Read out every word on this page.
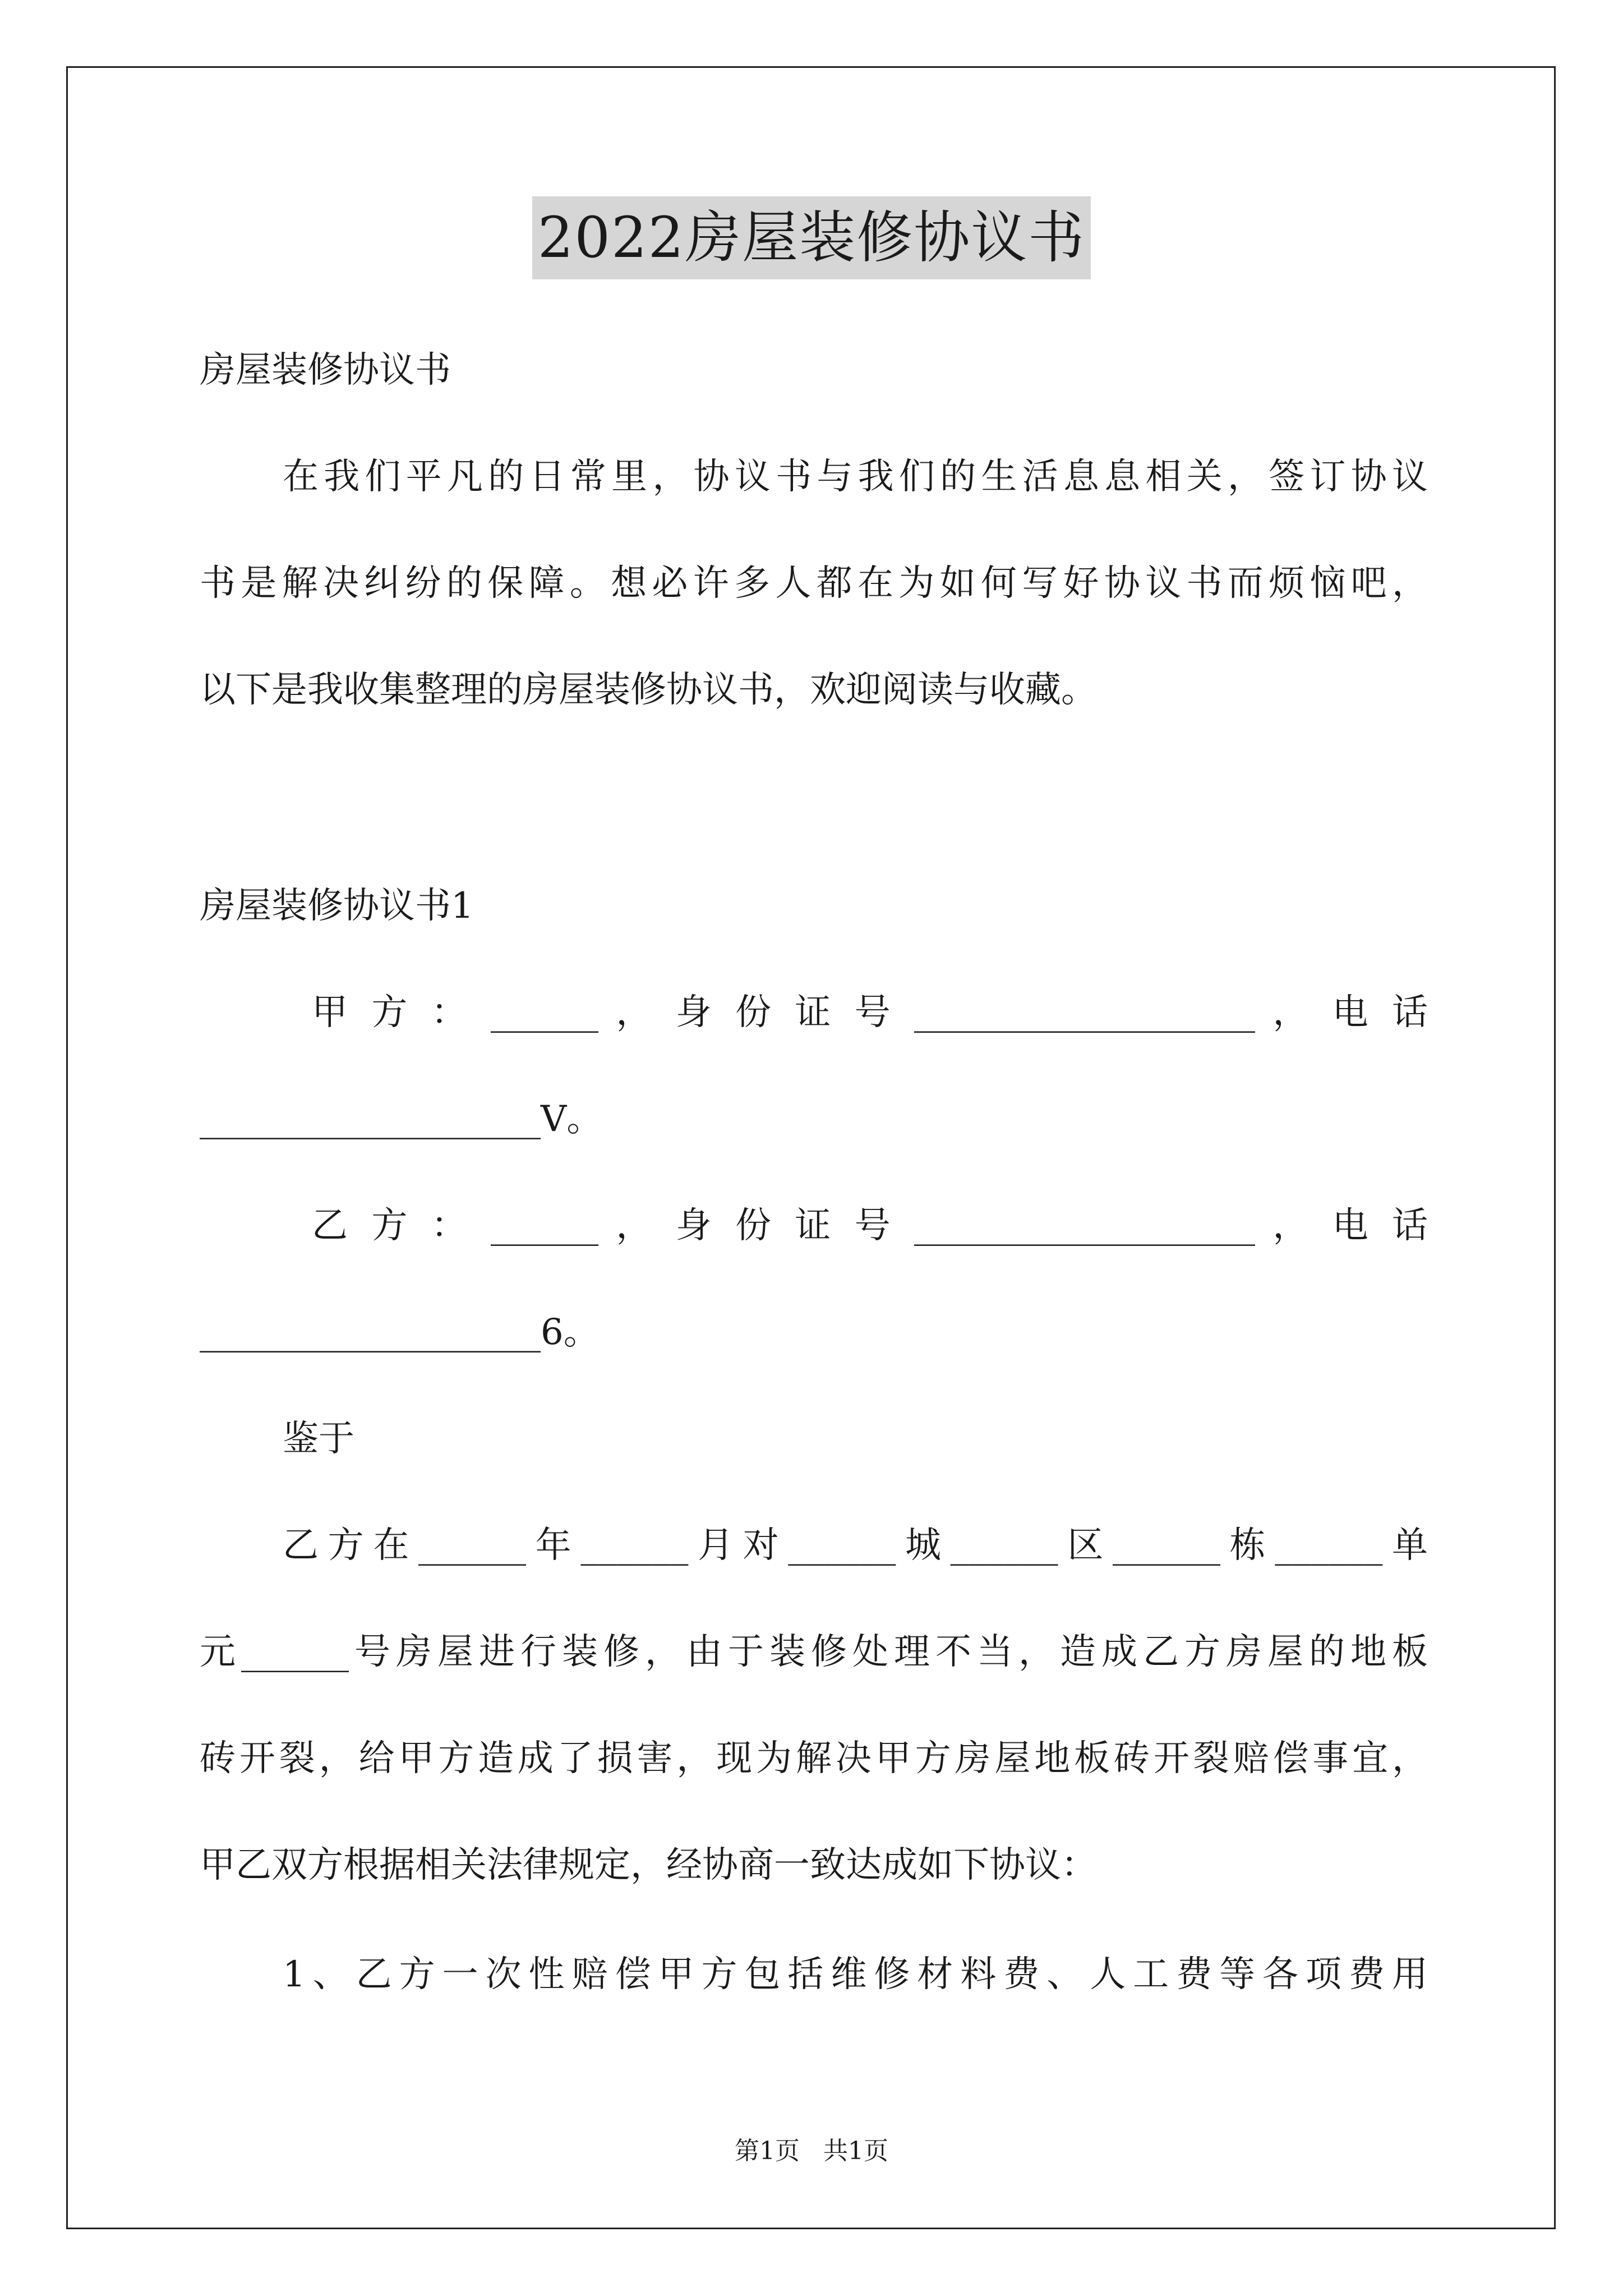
2022房屋装修协议书
房屋装修协议书
在我们平凡的日常里，协议书与我们的生活息息相关，签订协议
书是解决纠纷的保障。想必许多人都在为如何写好协议书而烦恼吧，
以下是我收集整理的房屋装修协议书，欢迎阅读与收藏。
房屋装修协议书1
甲 方 ： ______ ， 身 份 证 号 ___________________ ， 电 话
___________________V。
乙 方 ： ______ ， 身 份 证 号 ___________________ ， 电 话
___________________6。
鉴于
乙方在______年______月对______城______区______栋______单
元______号房屋进行装修，由于装修处理不当，造成乙方房屋的地板
砖开裂，给甲方造成了损害，现为解决甲方房屋地板砖开裂赔偿事宜，
甲乙双方根据相关法律规定，经协商一致达成如下协议：
1、乙方一次性赔偿甲方包括维修材料费、人工费等各项费用
第1页   共1页
